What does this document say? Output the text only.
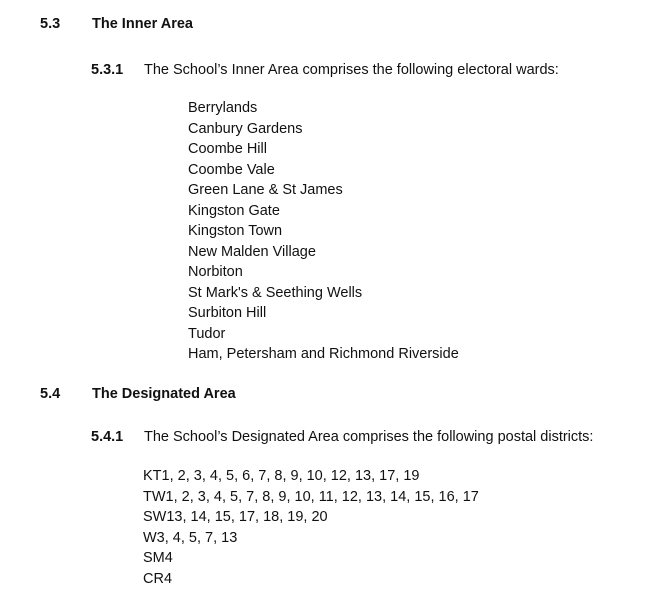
5.3 The Inner Area
5.3.1 The School’s Inner Area comprises the following electoral wards:
Berrylands
Canbury Gardens
Coombe Hill
Coombe Vale
Green Lane & St James
Kingston Gate
Kingston Town
New Malden Village
Norbiton
St Mark's & Seething Wells
Surbiton Hill
Tudor
Ham, Petersham and Richmond Riverside
5.4 The Designated Area
5.4.1 The School’s Designated Area comprises the following postal districts:
KT1, 2, 3, 4, 5, 6, 7, 8, 9, 10, 12, 13, 17, 19
TW1, 2, 3, 4, 5, 7, 8, 9, 10, 11, 12, 13, 14, 15, 16, 17
SW13, 14, 15, 17, 18, 19, 20
W3, 4, 5, 7, 13
SM4
CR4
